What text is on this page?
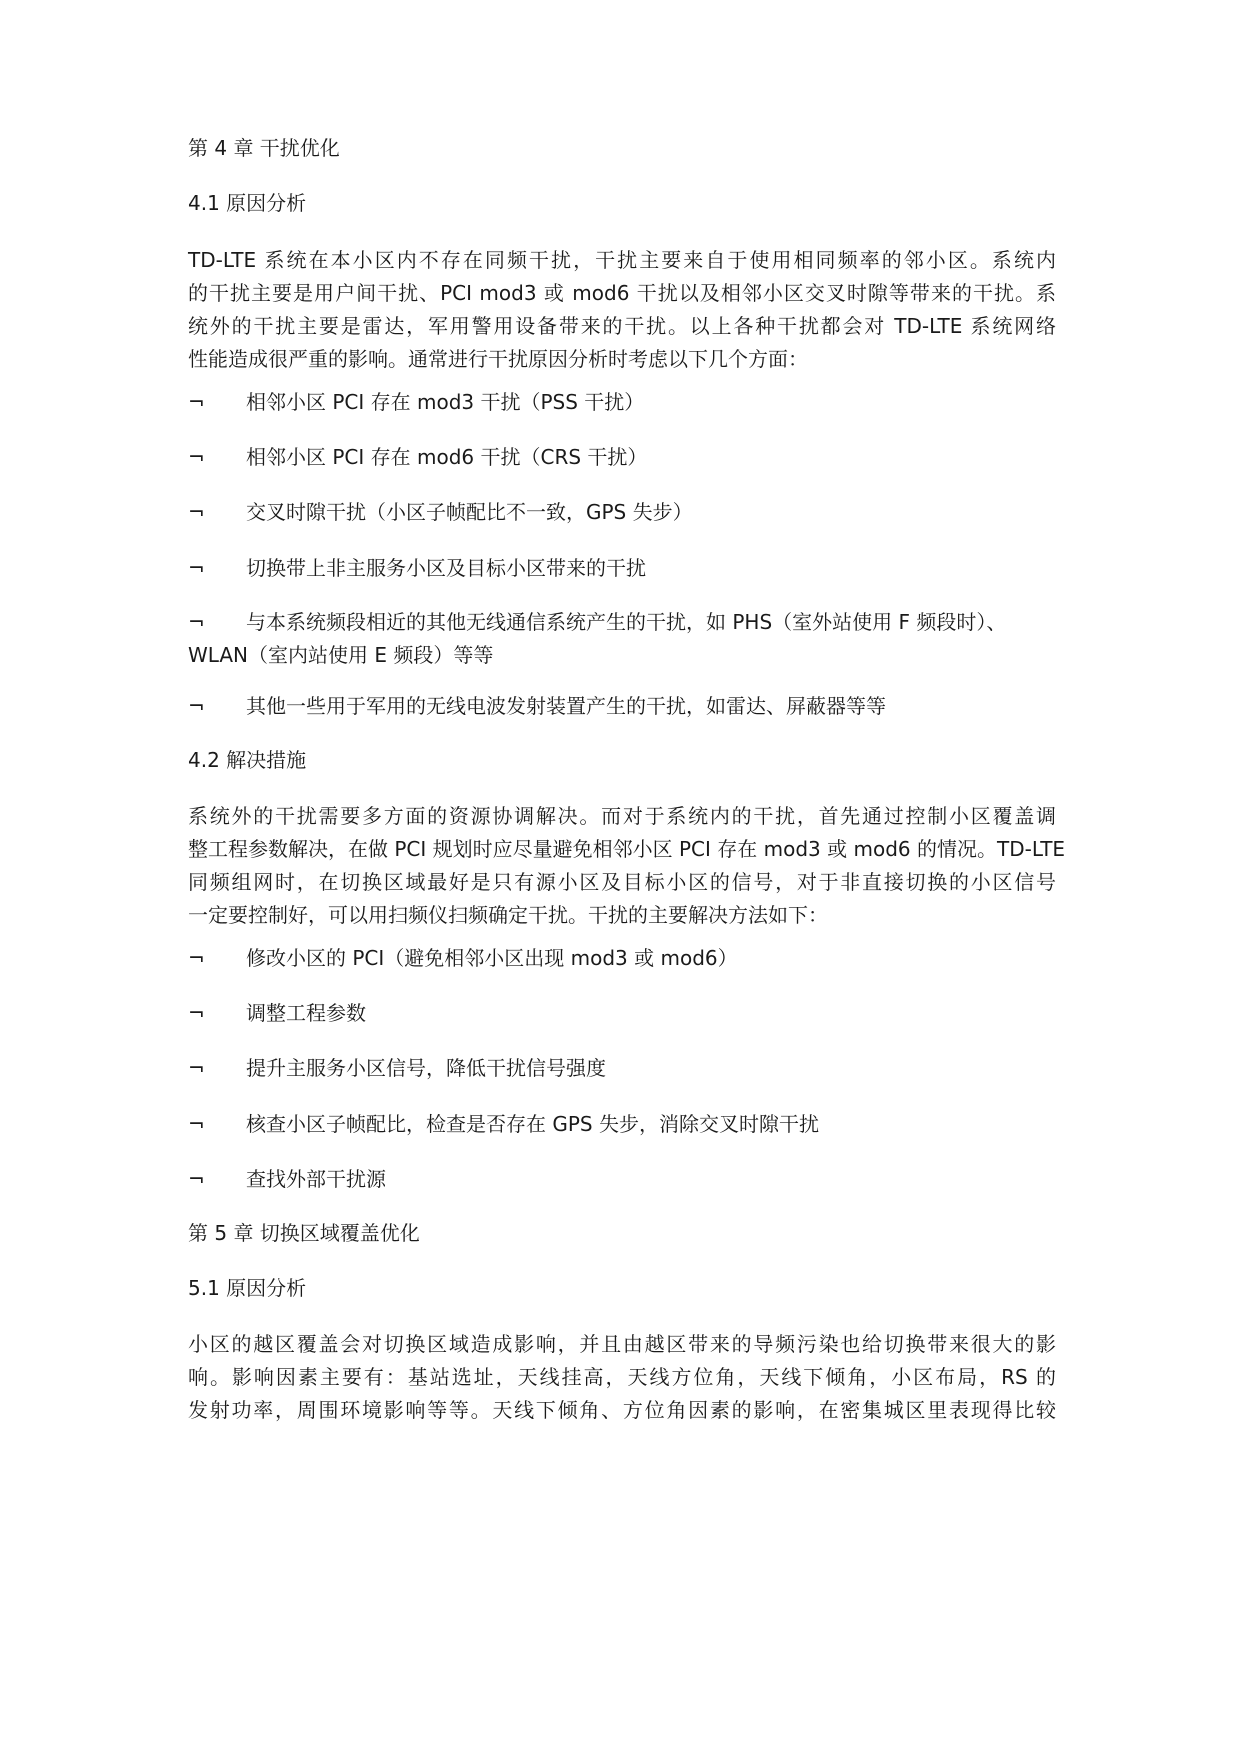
第 4 章 干扰优化
4.1 原因分析
TD-LTE 系统在本小区内不存在同频干扰，干扰主要来自于使用相同频率的邻小区。系统内
的干扰主要是用户间干扰、PCI mod3 或 mod6 干扰以及相邻小区交叉时隙等带来的干扰。系
统外的干扰主要是雷达，军用警用设备带来的干扰。以上各种干扰都会对 TD-LTE 系统网络
性能造成很严重的影响。通常进行干扰原因分析时考虑以下几个方面：
¬	相邻小区 PCI 存在 mod3 干扰（PSS 干扰）
¬	相邻小区 PCI 存在 mod6 干扰（CRS 干扰）
¬	交叉时隙干扰（小区子帧配比不一致，GPS 失步）
¬	切换带上非主服务小区及目标小区带来的干扰
¬	与本系统频段相近的其他无线通信系统产生的干扰，如 PHS（室外站使用 F 频段时）、
WLAN（室内站使用 E 频段）等等
¬	其他一些用于军用的无线电波发射装置产生的干扰，如雷达、屏蔽器等等
4.2 解决措施
系统外的干扰需要多方面的资源协调解决。而对于系统内的干扰，首先通过控制小区覆盖调
整工程参数解决，在做 PCI 规划时应尽量避免相邻小区 PCI 存在 mod3 或 mod6 的情况。TD-LTE
同频组网时，在切换区域最好是只有源小区及目标小区的信号，对于非直接切换的小区信号
一定要控制好，可以用扫频仪扫频确定干扰。干扰的主要解决方法如下：
¬	修改小区的 PCI（避免相邻小区出现 mod3 或 mod6）
¬	调整工程参数
¬	提升主服务小区信号，降低干扰信号强度
¬	核查小区子帧配比，检查是否存在 GPS 失步，消除交叉时隙干扰
¬	查找外部干扰源
第 5 章 切换区域覆盖优化
5.1 原因分析
小区的越区覆盖会对切换区域造成影响，并且由越区带来的导频污染也给切换带来很大的影
响。影响因素主要有：基站选址，天线挂高，天线方位角，天线下倾角，小区布局，RS 的
发射功率，周围环境影响等等。天线下倾角、方位角因素的影响，在密集城区里表现得比较
